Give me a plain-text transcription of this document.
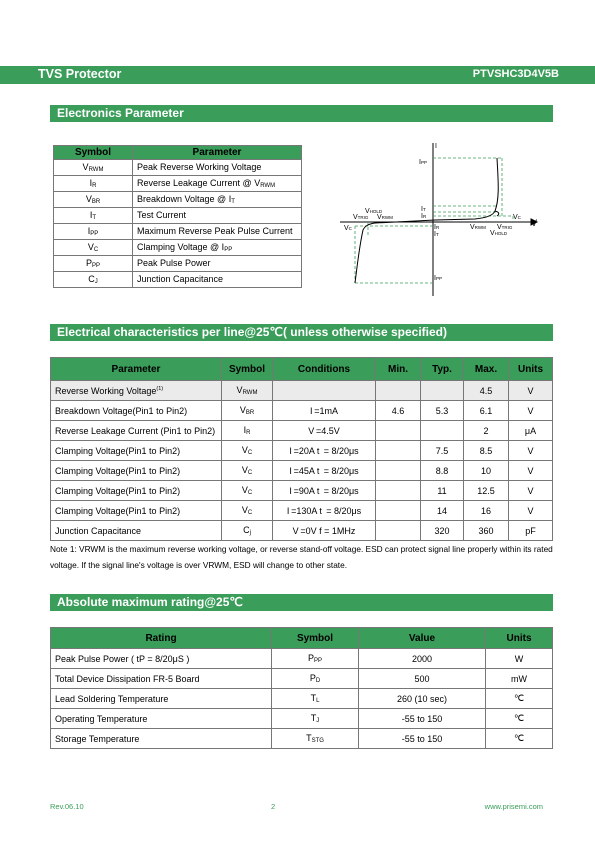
TVS Protector	PTVSHC3D4V5B
Electronics Parameter
Symbol	Parameter
$V_{RWM}$	Peak Reverse Working Voltage
$I_R$	Reverse Leakage Current @ $V_{RWM}$
$V_{BR}$	Breakdown Voltage @ $I_T$
$I_T$	Test Current
$I_{PP}$	Maximum Reverse Peak Pulse Current
$V_C$	Clamping Voltage @ $I_{PP}$
$P_{PP}$	Peak Pulse Power
$C_J$	Junction Capacitance
I
V
IPP
IT
IR
IR
IT
IPP
VC
VC
VHOLD
VTRIG VRWM
VRWM VTRIG
VHOLD
Electrical characteristics per line@25℃( unless otherwise specified)
Parameter	Symbol	Conditions	Min.	Typ.	Max.	Units
Reverse Working Voltage$^{(1)}$	$V_{RWM}$				4.5	V
Breakdown Voltage(Pin1 to Pin2)	$V_{BR}$	I =1mA	4.6	5.3	6.1	V
Reverse Leakage Current (Pin1 to Pin2)	$I_R$	V =4.5V			2	μA
Clamping Voltage(Pin1 to Pin2)	$V_C$	I =20A t  = 8/20μs		7.5	8.5	V
Clamping Voltage(Pin1 to Pin2)	$V_C$	I =45A t  = 8/20μs		8.8	10	V
Clamping Voltage(Pin1 to Pin2)	$V_C$	I =90A t  = 8/20μs		11	12.5	V
Clamping Voltage(Pin1 to Pin2)	$V_C$	I =130A t  = 8/20μs		14	16	V
Junction Capacitance	$C_j$	V =0V f = 1MHz		320	360	pF
Note 1: VRWM is the maximum reverse working voltage, or reverse stand-off voltage. ESD can protect signal line properly within its rated voltage. If the signal line's voltage is over VRWM, ESD will change to other state.
Absolute maximum rating@25℃
Rating	Symbol	Value	Units
Peak Pulse Power ( tP = 8/20μS )	$P_{PP}$	2000	W
Total Device Dissipation FR-5 Board	$P_D$	500	mW
Lead Soldering Temperature	$T_L$	260 (10 sec)	℃
Operating Temperature	$T_J$	-55 to 150	℃
Storage Temperature	$T_{STG}$	-55 to 150	℃
Rev.06.10	2	www.prisemi.com
